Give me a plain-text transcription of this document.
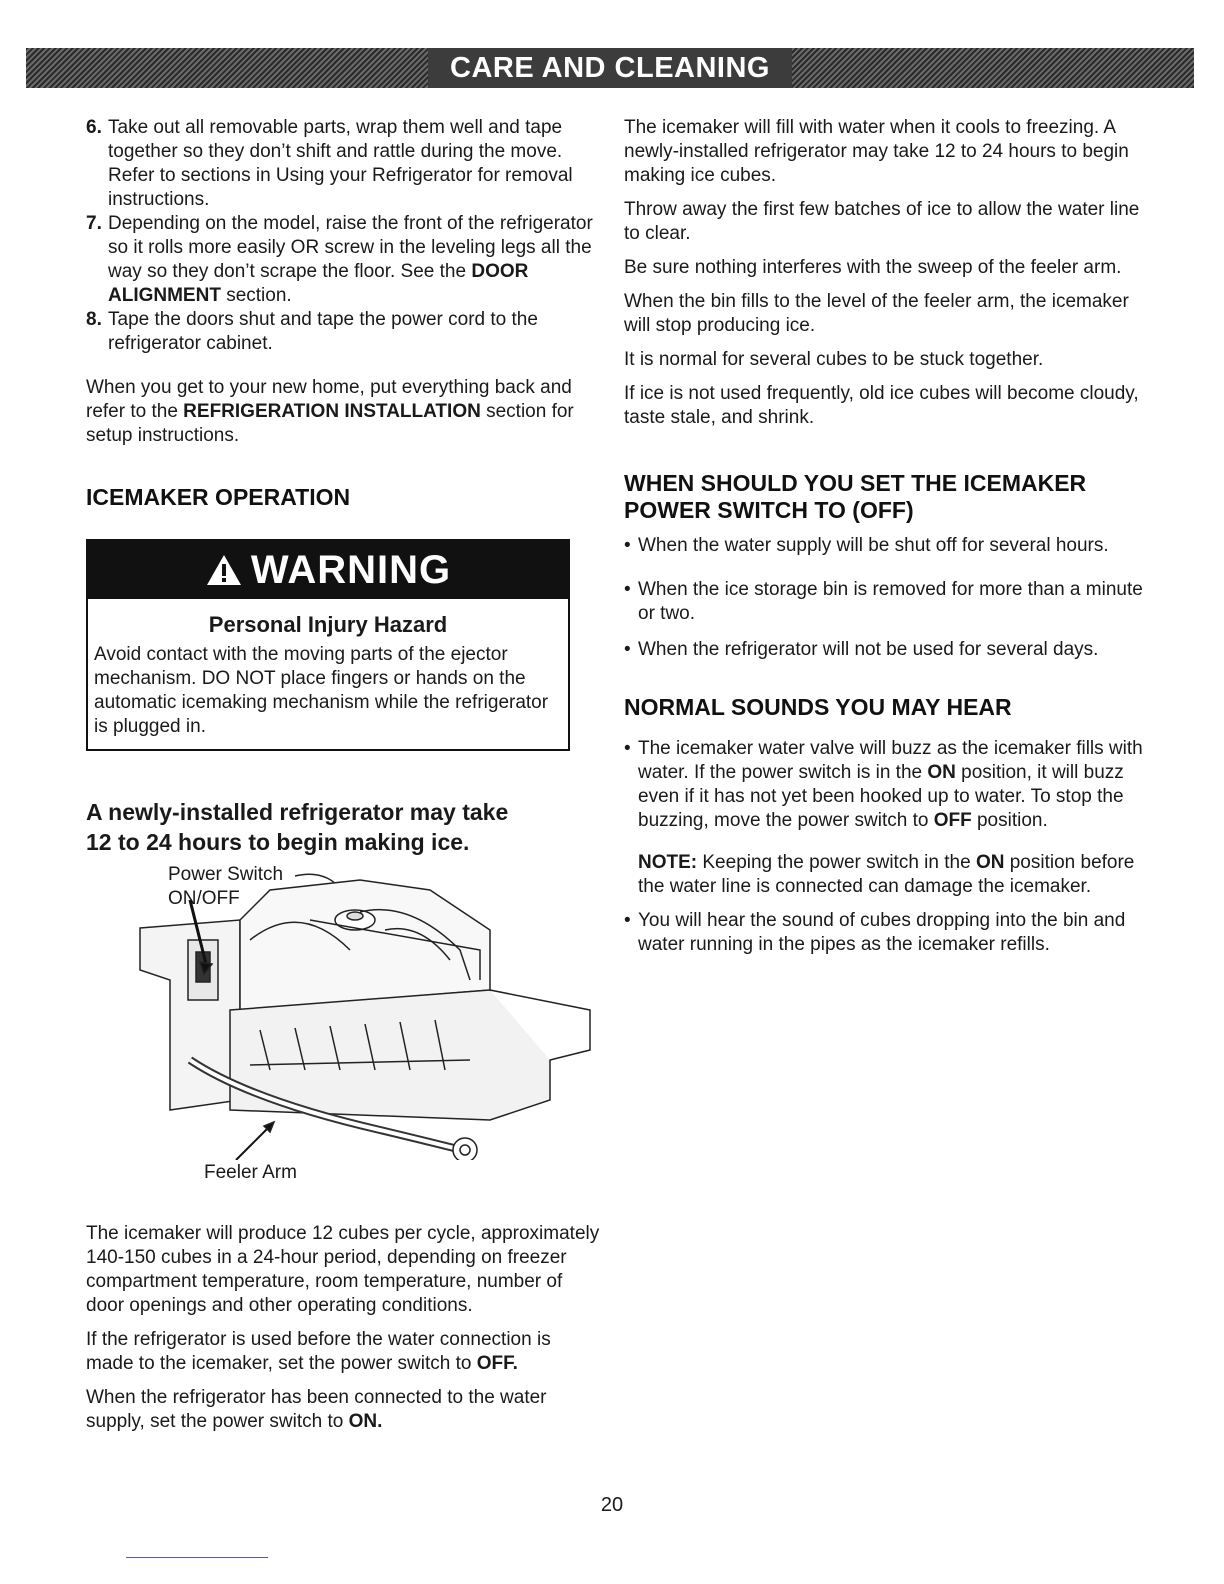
CARE AND CLEANING
6. Take out all removable parts, wrap them well and tape together so they don’t shift and rattle during the move. Refer to sections in Using your Refrigerator for removal instructions.
7. Depending on the model, raise the front of the refrigerator so it rolls more easily OR screw in the leveling legs all the way so they don’t scrape the floor. See the DOOR ALIGNMENT section.
8. Tape the doors shut and tape the power cord to the refrigerator cabinet.

When you get to your new home, put everything back and refer to the REFRIGERATION INSTALLATION section for setup instructions.

ICEMAKER OPERATION
WARNING
Personal Injury Hazard
Avoid contact with the moving parts of the ejector mechanism. DO NOT place fingers or hands on the automatic icemaking mechanism while the refrigerator is plugged in.

A newly-installed refrigerator may take

12 to 24 hours to begin making ice.

Power Switch
ON/OFF
Feeler Arm

The icemaker will produce 12 cubes per cycle, approximately 140-150 cubes in a 24-hour period, depending on freezer compartment temperature, room temperature, number of door openings and other operating conditions.

If the refrigerator is used before the water connection is made to the icemaker, set the power switch to OFF.

When the refrigerator has been connected to the water supply, set the power switch to ON.

The icemaker will fill with water when it cools to freezing. A newly-installed refrigerator may take 12 to 24 hours to begin making ice cubes.

Throw away the first few batches of ice to allow the water line to clear.

Be sure nothing interferes with the sweep of the feeler arm.

When the bin fills to the level of the feeler arm, the icemaker will stop producing ice.

It is normal for several cubes to be stuck together.

If ice is not used frequently, old ice cubes will become cloudy, taste stale, and shrink.

WHEN SHOULD YOU SET THE ICEMAKER
POWER SWITCH TO (OFF)
• When the water supply will be shut off for several hours.
• When the ice storage bin is removed for more than a minute or two.
• When the refrigerator will not be used for several days.
NORMAL SOUNDS YOU MAY HEAR
• The icemaker water valve will buzz as the icemaker fills with water. If the power switch is in the ON position, it will buzz even if it has not yet been hooked up to water. To stop the buzzing, move the power switch to OFF position.
NOTE: Keeping the power switch in the ON position before the water line is connected can damage the icemaker.
• You will hear the sound of cubes dropping into the bin and water running in the pipes as the icemaker refills.
20
